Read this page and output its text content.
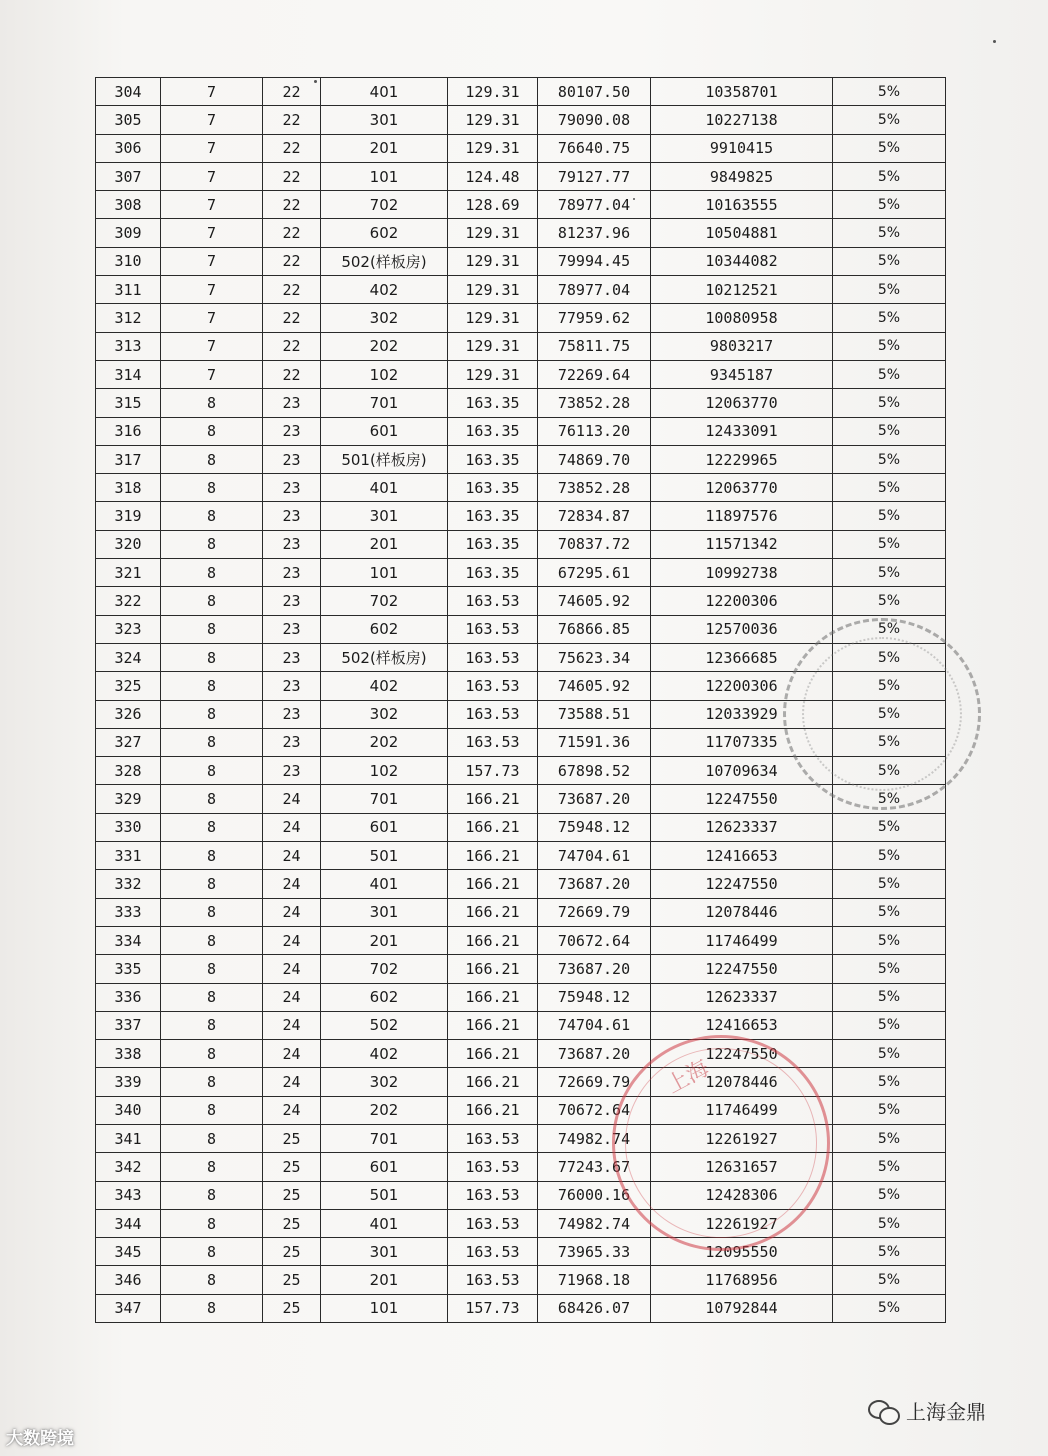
304	7	22	401	129.31	80107.50	10358701	5%
305	7	22	301	129.31	79090.08	10227138	5%
306	7	22	201	129.31	76640.75	9910415	5%
307	7	22	101	124.48	79127.77	9849825	5%
308	7	22	702	128.69	78977.04	10163555	5%
309	7	22	602	129.31	81237.96	10504881	5%
310	7	22	502(样板房)	129.31	79994.45	10344082	5%
311	7	22	402	129.31	78977.04	10212521	5%
312	7	22	302	129.31	77959.62	10080958	5%
313	7	22	202	129.31	75811.75	9803217	5%
314	7	22	102	129.31	72269.64	9345187	5%
315	8	23	701	163.35	73852.28	12063770	5%
316	8	23	601	163.35	76113.20	12433091	5%
317	8	23	501(样板房)	163.35	74869.70	12229965	5%
318	8	23	401	163.35	73852.28	12063770	5%
319	8	23	301	163.35	72834.87	11897576	5%
320	8	23	201	163.35	70837.72	11571342	5%
321	8	23	101	163.35	67295.61	10992738	5%
322	8	23	702	163.53	74605.92	12200306	5%
323	8	23	602	163.53	76866.85	12570036	5%
324	8	23	502(样板房)	163.53	75623.34	12366685	5%
325	8	23	402	163.53	74605.92	12200306	5%
326	8	23	302	163.53	73588.51	12033929	5%
327	8	23	202	163.53	71591.36	11707335	5%
328	8	23	102	157.73	67898.52	10709634	5%
329	8	24	701	166.21	73687.20	12247550	5%
330	8	24	601	166.21	75948.12	12623337	5%
331	8	24	501	166.21	74704.61	12416653	5%
332	8	24	401	166.21	73687.20	12247550	5%
333	8	24	301	166.21	72669.79	12078446	5%
334	8	24	201	166.21	70672.64	11746499	5%
335	8	24	702	166.21	73687.20	12247550	5%
336	8	24	602	166.21	75948.12	12623337	5%
337	8	24	502	166.21	74704.61	12416653	5%
338	8	24	402	166.21	73687.20	12247550	5%
339	8	24	302	166.21	72669.79	12078446	5%
340	8	24	202	166.21	70672.64	11746499	5%
341	8	25	701	163.53	74982.74	12261927	5%
342	8	25	601	163.53	77243.67	12631657	5%
343	8	25	501	163.53	76000.16	12428306	5%
344	8	25	401	163.53	74982.74	12261927	5%
345	8	25	301	163.53	73965.33	12095550	5%
346	8	25	201	163.53	71968.18	11768956	5%
347	8	25	101	157.73	68426.07	10792844	5%
上海
大数跨境
上海金鼎
